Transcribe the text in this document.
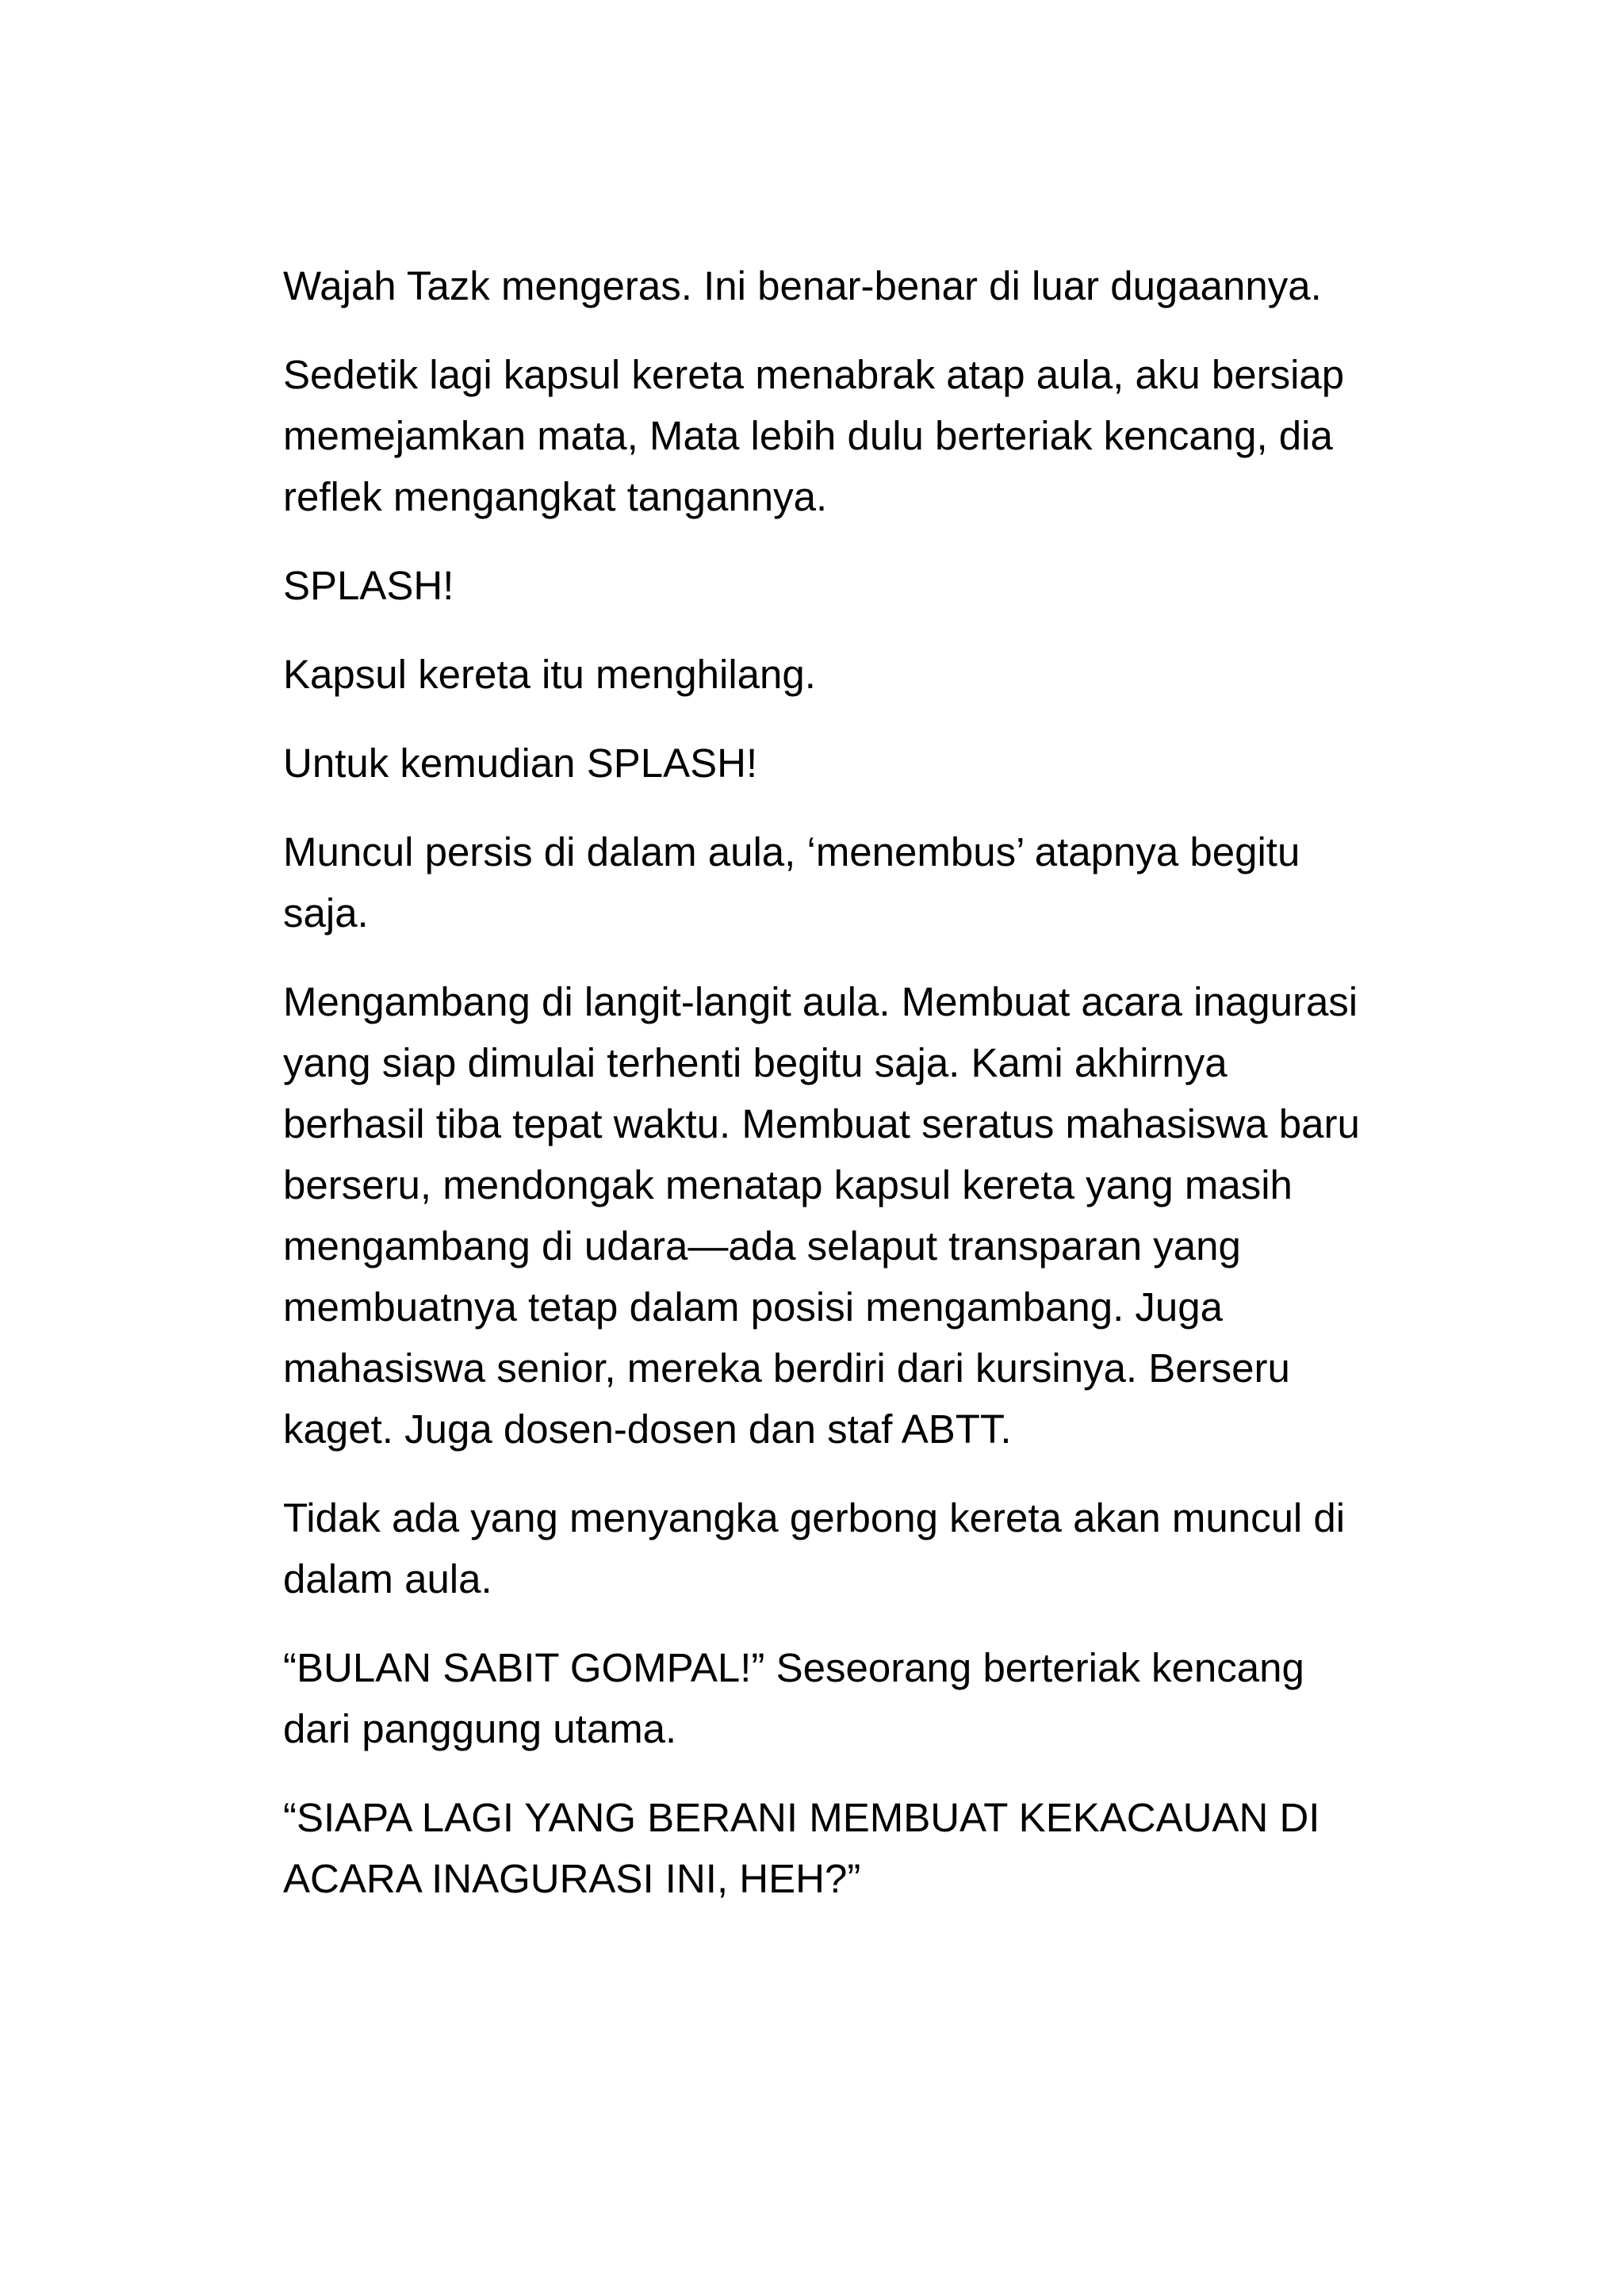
Wajah Tazk mengeras. Ini benar-benar di luar dugaannya.

Sedetik lagi kapsul kereta menabrak atap aula, aku bersiap memejamkan mata, Mata lebih dulu berteriak kencang, dia reflek mengangkat tangannya.

SPLASH!

Kapsul kereta itu menghilang.

Untuk kemudian SPLASH!

Muncul persis di dalam aula, ‘menembus’ atapnya begitu saja.

Mengambang di langit-langit aula. Membuat acara inagurasi yang siap dimulai terhenti begitu saja. Kami akhirnya berhasil tiba tepat waktu. Membuat seratus mahasiswa baru berseru, mendongak menatap kapsul kereta yang masih mengambang di udara—ada selaput transparan yang membuatnya tetap dalam posisi mengambang. Juga mahasiswa senior, mereka berdiri dari kursinya. Berseru kaget. Juga dosen-dosen dan staf ABTT.

Tidak ada yang menyangka gerbong kereta akan muncul di dalam aula.

“BULAN SABIT GOMPAL!” Seseorang berteriak kencang dari panggung utama.

“SIAPA LAGI YANG BERANI MEMBUAT KEKACAUAN DI ACARA INAGURASI INI, HEH?”
